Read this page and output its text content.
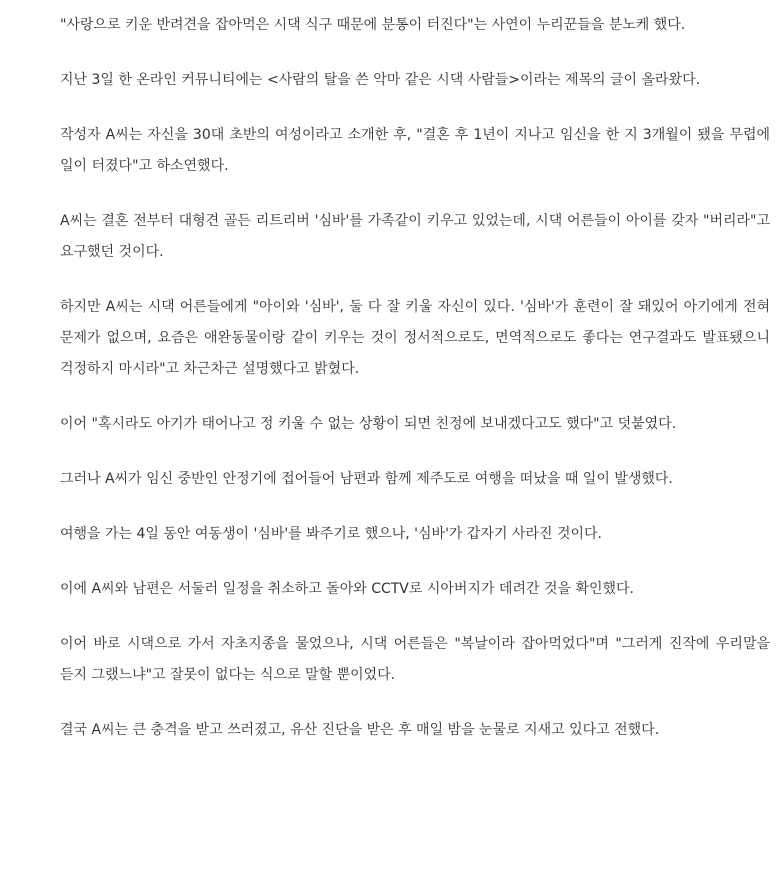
"사랑으로 키운 반려견을 잡아먹은 시댁 식구 때문에 분통이 터진다"는 사연이 누리꾼들을 분노케 했다.

지난 3일 한 온라인 커뮤니티에는 <사람의 탈을 쓴 악마 같은 시댁 사람들>이라는 제목의 글이 올라왔다.

작성자 A씨는 자신을 30대 초반의 여성이라고 소개한 후, "결혼 후 1년이 지나고 임신을 한 지 3개월이 됐을 무렵에 일이 터졌다"고 하소연했다.

A씨는 결혼 전부터 대형견 골든 리트리버 '심바'를 가족같이 키우고 있었는데, 시댁 어른들이 아이를 갖자 "버리라"고 요구했던 것이다.

하지만 A씨는 시댁 어른들에게 "아이와 '심바', 둘 다 잘 키울 자신이 있다. '심바'가 훈련이 잘 돼있어 아기에게 전혀 문제가 없으며, 요즘은 애완동물이랑 같이 키우는 것이 정서적으로도, 면역적으로도 좋다는 연구결과도 발표됐으니 걱정하지 마시라"고 차근차근 설명했다고 밝혔다.

이어 "혹시라도 아기가 태어나고 정 키울 수 없는 상황이 되면 친정에 보내겠다고도 했다"고 덧붙였다.

그러나 A씨가 임신 중반인 안정기에 접어들어 남편과 함께 제주도로 여행을 떠났을 때 일이 발생했다.

여행을 가는 4일 동안 여동생이 '심바'를 봐주기로 했으나, '심바'가 갑자기 사라진 것이다.

이에 A씨와 남편은 서둘러 일정을 취소하고 돌아와 CCTV로 시아버지가 데려간 것을 확인했다.

이어 바로 시댁으로 가서 자초지종을 물었으나, 시댁 어른들은 "복날이라 잡아먹었다"며 "그러게 진작에 우리말을 듣지 그랬느냐"고 잘못이 없다는 식으로 말할 뿐이었다.

결국 A씨는 큰 충격을 받고 쓰러졌고, 유산 진단을 받은 후 매일 밤을 눈물로 지새고 있다고 전했다.
